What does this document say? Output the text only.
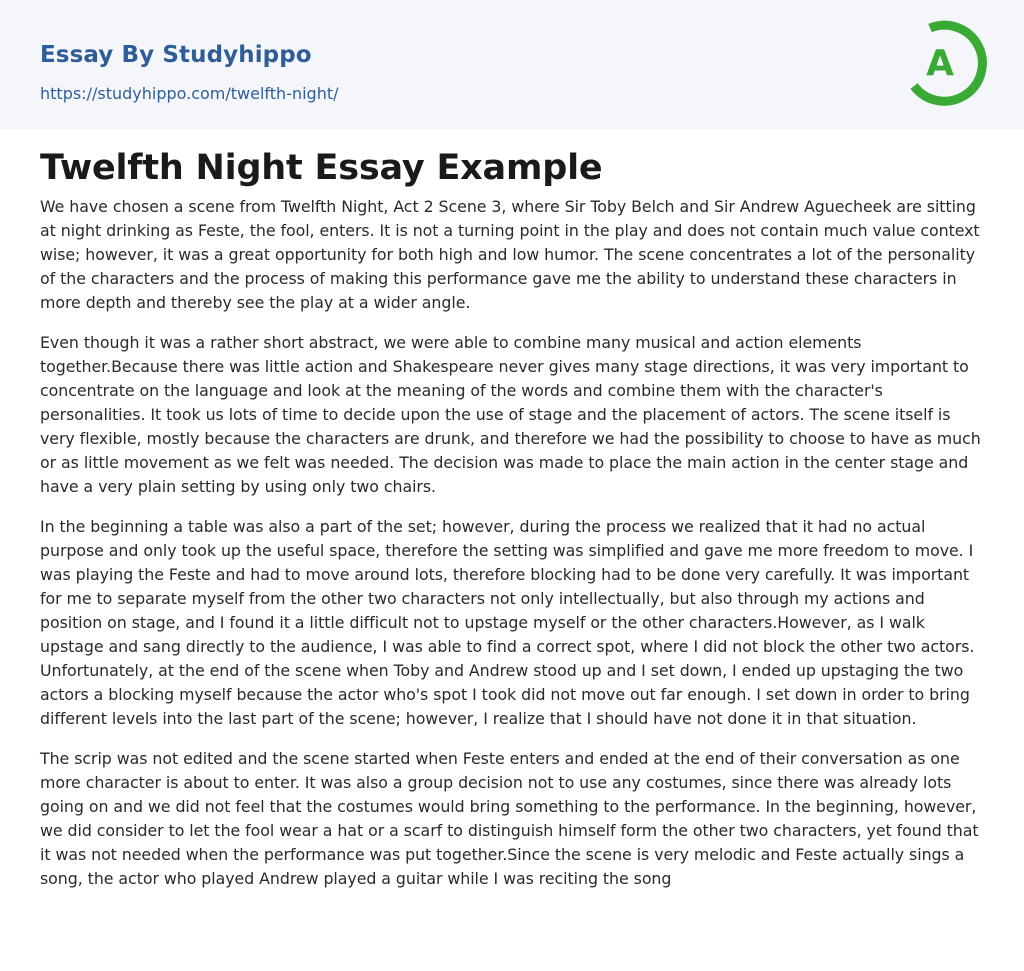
Essay By Studyhippo
https://studyhippo.com/twelfth-night/
A
Twelfth Night Essay Example

We have chosen a scene from Twelfth Night, Act 2 Scene 3, where Sir Toby Belch and Sir Andrew Aguecheek are sitting at night drinking as Feste, the fool, enters. It is not a turning point in the play and does not contain much value context wise; however, it was a great opportunity for both high and low humor. The scene concentrates a lot of the personality of the characters and the process of making this performance gave me the ability to understand these characters in more depth and thereby see the play at a wider angle.

Even though it was a rather short abstract, we were able to combine many musical and action elements together.Because there was little action and Shakespeare never gives many stage directions, it was very important to concentrate on the language and look at the meaning of the words and combine them with the character's personalities. It took us lots of time to decide upon the use of stage and the placement of actors. The scene itself is very flexible, mostly because the characters are drunk, and therefore we had the possibility to choose to have as much or as little movement as we felt was needed. The decision was made to place the main action in the center stage and have a very plain setting by using only two chairs.

In the beginning a table was also a part of the set; however, during the process we realized that it had no actual purpose and only took up the useful space, therefore the setting was simplified and gave me more freedom to move. I was playing the Feste and had to move around lots, therefore blocking had to be done very carefully. It was important for me to separate myself from the other two characters not only intellectually, but also through my actions and position on stage, and I found it a little difficult not to upstage myself or the other characters.However, as I walk upstage and sang directly to the audience, I was able to find a correct spot, where I did not block the other two actors. Unfortunately, at the end of the scene when Toby and Andrew stood up and I set down, I ended up upstaging the two actors a blocking myself because the actor who's spot I took did not move out far enough. I set down in order to bring different levels into the last part of the scene; however, I realize that I should have not done it in that situation.

The scrip was not edited and the scene started when Feste enters and ended at the end of their conversation as one more character is about to enter. It was also a group decision not to use any costumes, since there was already lots going on and we did not feel that the costumes would bring something to the performance. In the beginning, however, we did consider to let the fool wear a hat or a scarf to distinguish himself form the other two characters, yet found that it was not needed when the performance was put together.Since the scene is very melodic and Feste actually sings a song, the actor who played Andrew played a guitar while I was reciting the song
